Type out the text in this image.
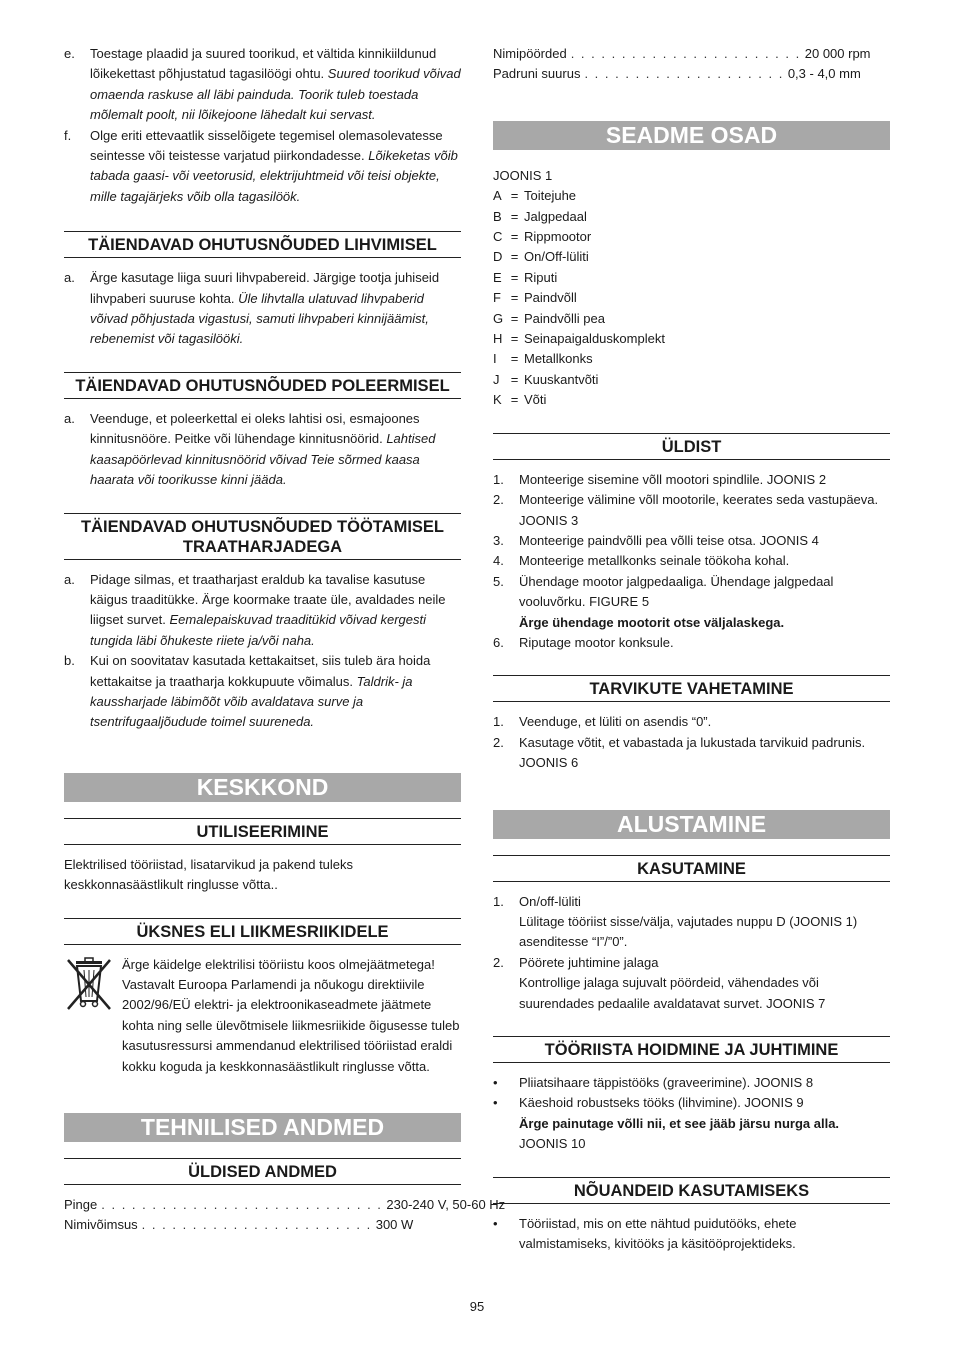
e. Toestage plaadid ja suured toorikud, et vältida kinnikiildunud lõikekettast põhjustatud tagasilöögi ohtu. Suured toorikud võivad omaenda raskuse all läbi painduda. Toorik tuleb toestada mõlemalt poolt, nii lõikejoone lähedalt kui servast.
f. Olge eriti ettevaatlik sisselõigete tegemisel olemasolevatesse seintesse või teistesse varjatud piirkondadesse. Lõikeketas võib tabada gaasi- või veetorusid, elektrijuhtmeid või teisi objekte, mille tagajärjeks võib olla tagasilöök.
TÄIENDAVAD OHUTUSNÕUDED LIHVIMISEL
a. Ärge kasutage liiga suuri lihvpabereid. Järgige tootja juhiseid lihvpaberi suuruse kohta. Üle lihvtalla ulatuvad lihvpaberid võivad põhjustada vigastusi, samuti lihvpaberi kinnijäämist, rebenemist või tagasilööki.
TÄIENDAVAD OHUTUSNÕUDED POLEERMISEL
a. Veenduge, et poleerkettal ei oleks lahtisi osi, esmajoones kinnitusnööre. Peitke või lühendage kinnitusnöörid. Lahtised kaasapöörlevad kinnitusnöörid võivad Teie sõrmed kaasa haarata või toorikusse kinni jääda.
TÄIENDAVAD OHUTUSNÕUDED TÖÖTAMISEL
TRAATHARJADEGA
a. Pidage silmas, et traatharjast eraldub ka tavalise kasutuse käigus traaditükke. Ärge koormake traate üle, avaldades neile liigset survet. Eemalepaiskuvad traaditükid võivad kergesti tungida läbi õhukeste riiete ja/või naha.
b. Kui on soovitatav kasutada kettakaitset, siis tuleb ära hoida kettakaitse ja traatharja kokkupuute võimalus. Taldrik- ja kaussharjade läbimõõt võib avaldatava surve ja tsentrifugaaljõudude toimel suureneda.
KESKKOND
UTILISEERIMINE

Elektrilised tööriistad, lisatarvikud ja pakend tuleks keskkonnasäästlikult ringlusse võtta..

ÜKSNES ELI LIIKMESRIIKIDELE

Ärge käidelge elektrilisi tööriistu koos olmejäätmetega! Vastavalt Euroopa Parlamendi ja nõukogu direktiivile 2002/96/EÜ elektri- ja elektroonikaseadmete jäätmete kohta ning selle ülevõtmisele liikmesriikide õigusesse tuleb kasutusressursi ammendanud elektrilised tööriistad eraldi kokku koguda ja keskkonnasäästlikult ringlusse võtta.

TEHNILISED ANDMED
ÜLDISED ANDMED
Pinge . . . . . . . . . . . . . . . . . . . . . . . . . . . . 230-240 V, 50-60 Hz
Nimivõimsus . . . . . . . . . . . . . . . . . . . . . . . 300 W
Nimipöörded . . . . . . . . . . . . . . . . . . . . . . . 20 000 rpm
Padruni suurus . . . . . . . . . . . . . . . . . . . . 0,3 - 4,0 mm
SEADME OSAD

JOONIS 1

A = Toitejuhe
B = Jalgpedaal
C = Rippmootor
D = On/Off-lüliti
E = Riputi
F = Paindvõll
G = Paindvõlli pea
H = Seinapaigalduskomplekt
I	= Metallkonks
J = Kuuskantvõti
K = Võti
ÜLDIST
1. Monteerige sisemine võll mootori spindlile. JOONIS 2
2. Monteerige välimine võll mootorile, keerates seda vastupäeva. JOONIS 3
3. Monteerige paindvõlli pea võlli teise otsa. JOONIS 4
4. Monteerige metallkonks seinale töökoha kohal.
5. Ühendage mootor jalgpedaaliga. Ühendage jalgpedaal vooluvõrku. FIGURE 5
Ärge ühendage mootorit otse väljalaskega.
6. Riputage mootor konksule.
TARVIKUTE VAHETAMINE
1. Veenduge, et lüliti on asendis “0”.
2. Kasutage võtit, et vabastada ja lukustada tarvikuid padrunis. JOONIS 6
ALUSTAMINE
KASUTAMINE
1. On/off-lüliti
Lülitage tööriist sisse/välja, vajutades nuppu D (JOONIS 1) asenditesse “I”/”0”.
2. Pöörete juhtimine jalaga
Kontrollige jalaga sujuvalt pöördeid, vähendades või suurendades pedaalile avaldatavat survet. JOONIS 7
TÖÖRIISTA HOIDMINE JA JUHTIMINE
• Pliiatsihaare täppistööks (graveerimine). JOONIS 8
• Käeshoid robustseks tööks (lihvimine). JOONIS 9
Ärge painutage võlli nii, et see jääb järsu nurga alla.
JOONIS 10
NÕUANDEID KASUTAMISEKS
• Tööriistad, mis on ette nähtud puidutööks, ehete valmistamiseks, kivitööks ja käsitööprojektideks.
95
